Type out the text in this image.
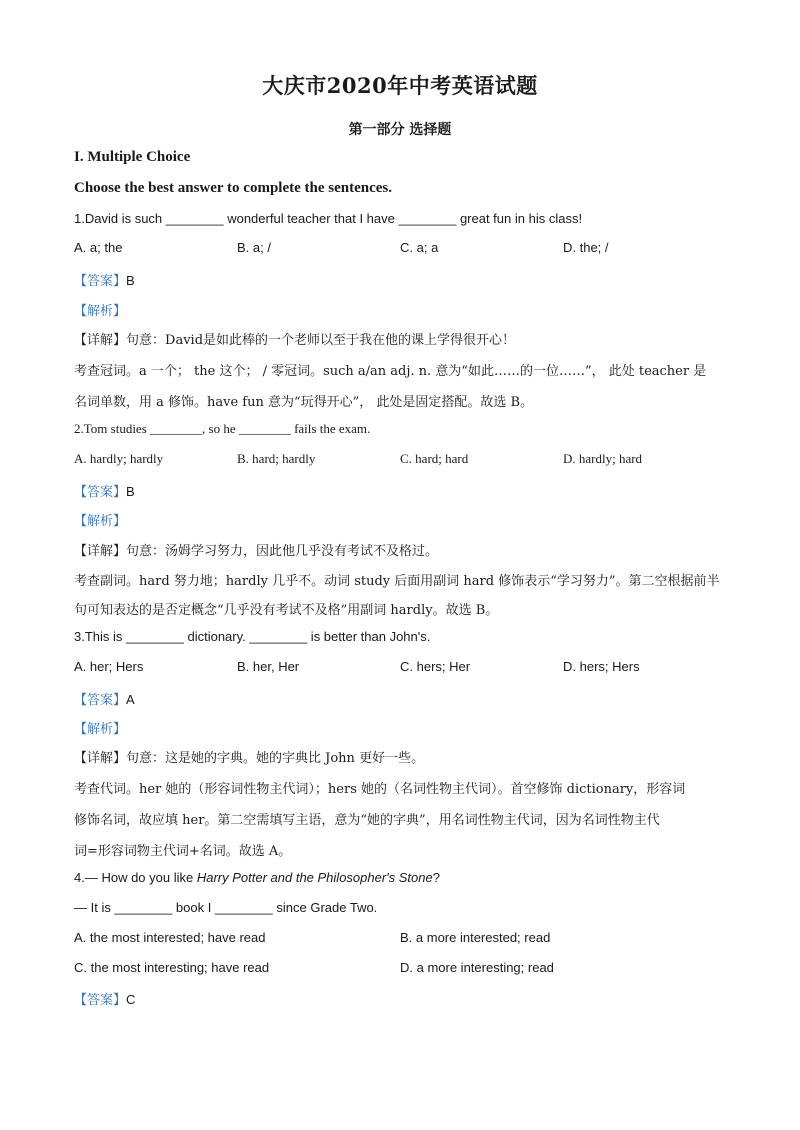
大庆市2020年中考英语试题
第一部分 选择题
I. Multiple Choice
Choose the best answer to complete the sentences.
1.David is such ________ wonderful teacher that I have ________ great fun in his class!
A. a; the	B. a; /	C. a; a	D. the; /
【答案】B
【解析】
【详解】句意：David是如此棒的一个老师以至于我在他的课上学得很开心！
考查冠词。a 一个； the 这个； / 零冠词。such a/an adj. n. 意为“如此……的一位……”， 此处 teacher 是
名词单数，用 a 修饰。have fun 意为“玩得开心”， 此处是固定搭配。故选 B。
2.Tom studies ________, so he ________ fails the exam.
A. hardly; hardly	B. hard; hardly	C. hard; hard	D. hardly; hard
【答案】B
【解析】
【详解】句意：汤姆学习努力，因此他几乎没有考试不及格过。
考查副词。hard 努力地；hardly 几乎不。动词 study 后面用副词 hard 修饰表示“学习努力”。第二空根据前半
句可知表达的是否定概念“几乎没有考试不及格”用副词 hardly。故选 B。
3.This is ________ dictionary. ________ is better than John's.
A. her; Hers	B. her, Her	C. hers; Her	D. hers; Hers
【答案】A
【解析】
【详解】句意：这是她的字典。她的字典比 John 更好一些。
考查代词。her 她的（形容词性物主代词）；hers 她的（名词性物主代词）。首空修饰 dictionary，形容词
修饰名词，故应填 her。第二空需填写主语，意为“她的字典”，用名词性物主代词，因为名词性物主代
词=形容词物主代词+名词。故选 A。
4.— How do you like Harry Potter and the Philosopher's Stone?
— It is ________ book I ________ since Grade Two.
A. the most interested; have read	B. a more interested; read
C. the most interesting; have read	D. a more interesting; read
【答案】C
